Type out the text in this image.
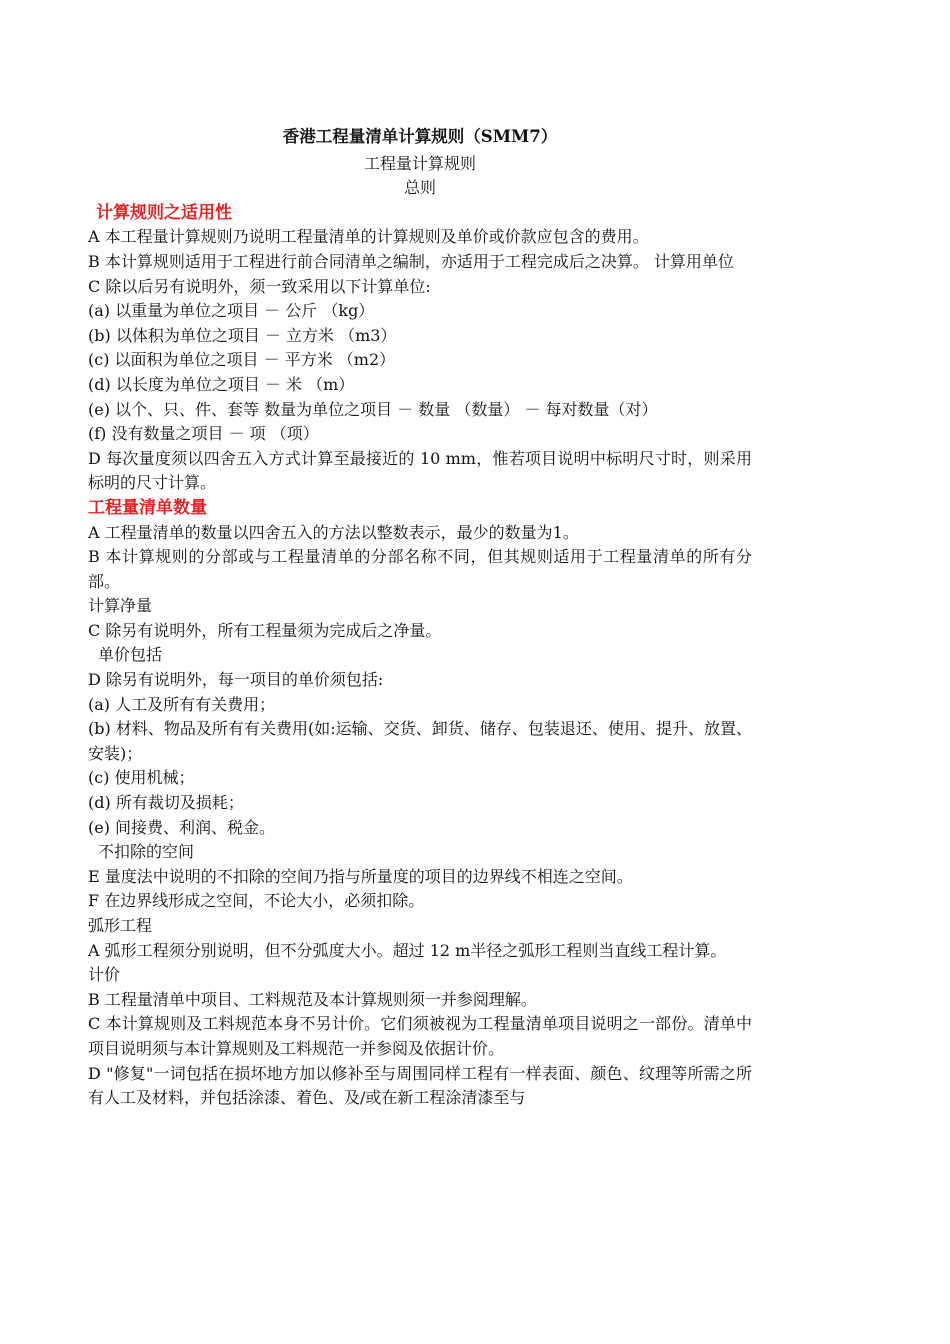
香港工程量清单计算规则（SMM7）
工程量计算规则
总则
计算规则之适用性
A 本工程量计算规则乃说明工程量清单的计算规则及单价或价款应包含的费用。
B 本计算规则适用于工程进行前合同清单之编制，亦适用于工程完成后之决算。 计算用单位
C 除以后另有说明外，须一致采用以下计算单位:
(a) 以重量为单位之项目 － 公斤 （kg）
(b) 以体积为单位之项目 － 立方米 （m3）
(c) 以面积为单位之项目 － 平方米 （m2）
(d) 以长度为单位之项目 － 米 （m）
(e) 以个、只、件、套等 数量为单位之项目 － 数量 （数量） － 每对数量（对）
(f) 没有数量之项目 － 项 （项）
D 每次量度须以四舍五入方式计算至最接近的 10 mm，惟若项目说明中标明尺寸时，则采用标明的尺寸计算。
工程量清单数量
A 工程量清单的数量以四舍五入的方法以整数表示，最少的数量为1。
B 本计算规则的分部或与工程量清单的分部名称不同，但其规则适用于工程量清单的所有分部。
计算净量
C 除另有说明外，所有工程量须为完成后之净量。
单价包括
D 除另有说明外，每一项目的单价须包括:
(a) 人工及所有有关费用；
(b) 材料、物品及所有有关费用(如:运输、交货、卸货、储存、包装退还、使用、提升、放置、安装)；
(c) 使用机械；
(d) 所有裁切及损耗；
(e) 间接费、利润、税金。
不扣除的空间
E 量度法中说明的不扣除的空间乃指与所量度的项目的边界线不相连之空间。
F 在边界线形成之空间，不论大小，必须扣除。
弧形工程
A 弧形工程须分别说明，但不分弧度大小。超过 12 m半径之弧形工程则当直线工程计算。
计价
B 工程量清单中项目、工料规范及本计算规则须一并参阅理解。
C 本计算规则及工料规范本身不另计价。它们须被视为工程量清单项目说明之一部份。清单中项目说明须与本计算规则及工料规范一并参阅及依据计价。
D "修复"一词包括在损坏地方加以修补至与周围同样工程有一样表面、颜色、纹理等所需之所有人工及材料，并包括涂漆、着色、及/或在新工程涂清漆至与
